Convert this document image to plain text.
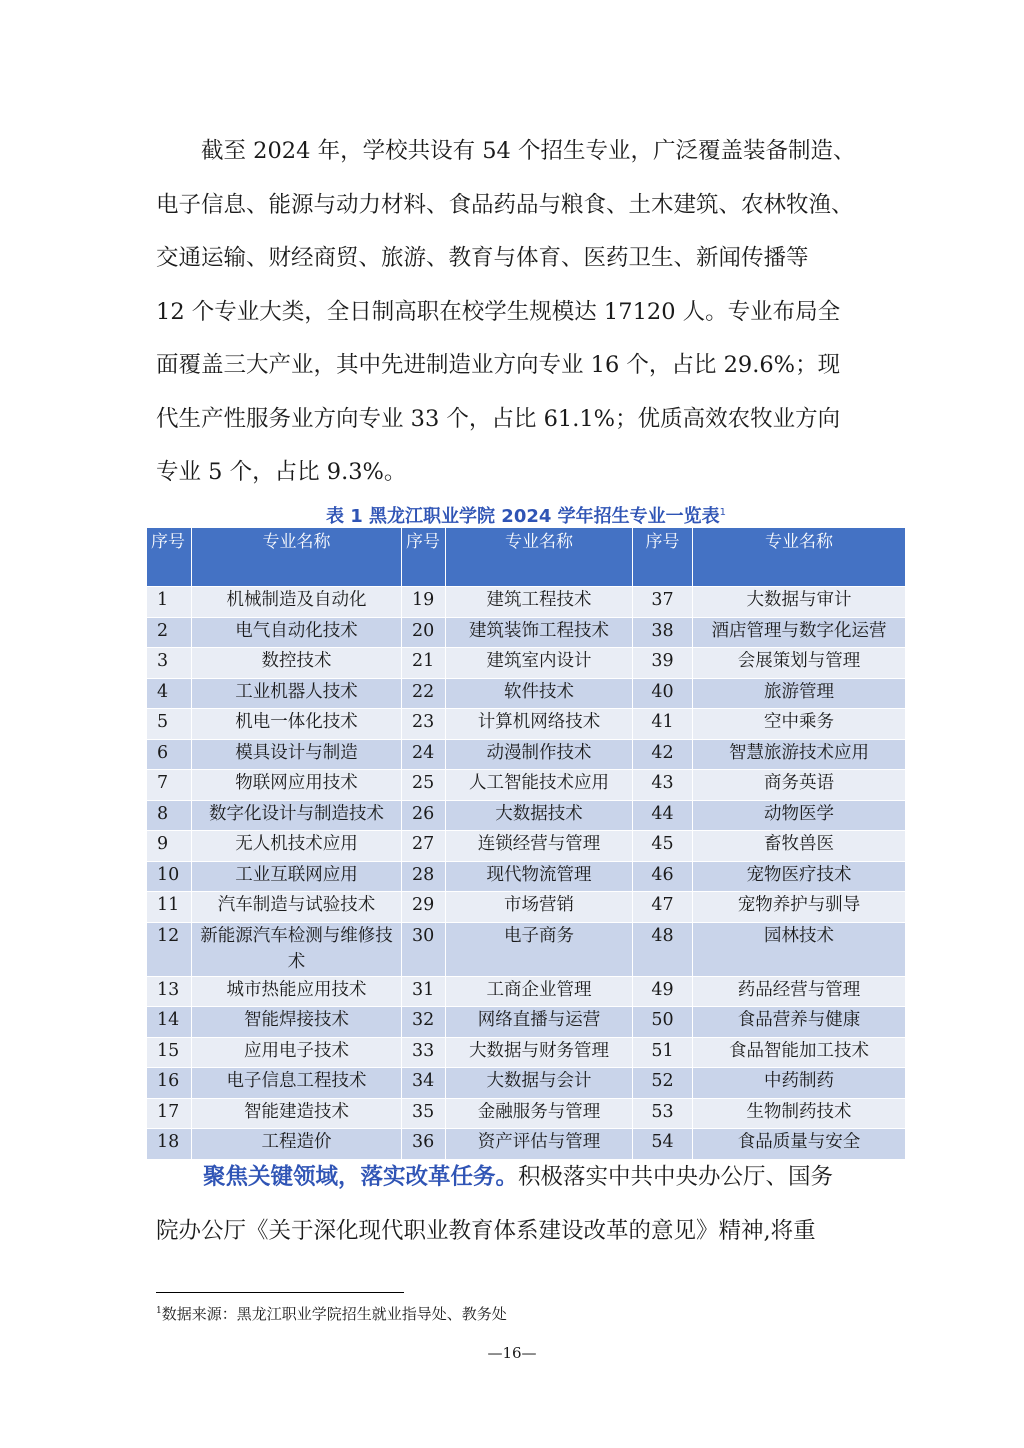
截至 2024 年，学校共设有 54 个招生专业，广泛覆盖装备制造、
电子信息、能源与动力材料、食品药品与粮食、土木建筑、农林牧渔、
交通运输、财经商贸、旅游、教育与体育、医药卫生、新闻传播等
12 个专业大类，全日制高职在校学生规模达 17120 人。专业布局全
面覆盖三大产业，其中先进制造业方向专业 16 个，占比 29.6%；现
代生产性服务业方向专业 33 个，占比 61.1%；优质高效农牧业方向
专业 5 个，占比 9.3%。
表 1 黑龙江职业学院 2024 学年招生专业一览表$^1$
序号	专业名称	序号	专业名称	序号	专业名称
1	机械制造及自动化	19	建筑工程技术	37	大数据与审计
2	电气自动化技术	20	建筑装饰工程技术	38	酒店管理与数字化运营
3	数控技术	21	建筑室内设计	39	会展策划与管理
4	工业机器人技术	22	软件技术	40	旅游管理
5	机电一体化技术	23	计算机网络技术	41	空中乘务
6	模具设计与制造	24	动漫制作技术	42	智慧旅游技术应用
7	物联网应用技术	25	人工智能技术应用	43	商务英语
8	数字化设计与制造技术	26	大数据技术	44	动物医学
9	无人机技术应用	27	连锁经营与管理	45	畜牧兽医
10	工业互联网应用	28	现代物流管理	46	宠物医疗技术
11	汽车制造与试验技术	29	市场营销	47	宠物养护与驯导
12	新能源汽车检测与维修技术	30	电子商务	48	园林技术
13	城市热能应用技术	31	工商企业管理	49	药品经营与管理
14	智能焊接技术	32	网络直播与运营	50	食品营养与健康
15	应用电子技术	33	大数据与财务管理	51	食品智能加工技术
16	电子信息工程技术	34	大数据与会计	52	中药制药
17	智能建造技术	35	金融服务与管理	53	生物制药技术
18	工程造价	36	资产评估与管理	54	食品质量与安全
聚焦关键领域，落实改革任务。积极落实中共中央办公厅、国务
院办公厅《关于深化现代职业教育体系建设改革的意见》精神,将重
$^1$数据来源：黑龙江职业学院招生就业指导处、教务处
—16—
